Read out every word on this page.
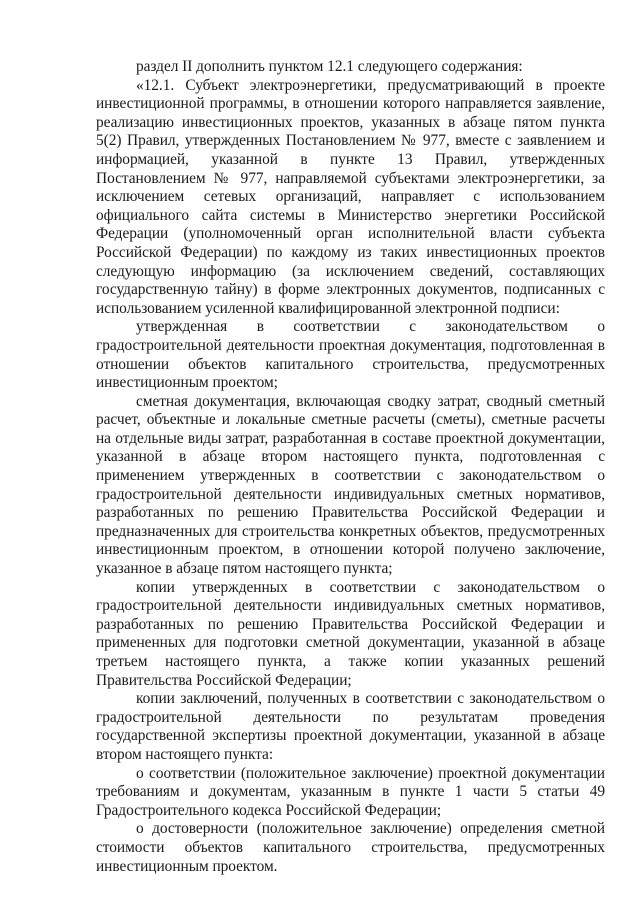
раздел II дополнить пунктом 12.1 следующего содержания:

«12.1. Субъект электроэнергетики, предусматривающий в проекте инвестиционной программы, в отношении которого направляется заявление, реализацию инвестиционных проектов, указанных в абзаце пятом пункта 5(2) Правил, утвержденных Постановлением № 977, вместе с заявлением и информацией, указанной в пункте 13 Правил, утвержденных Постановлением № 977, направляемой субъектами электроэнергетики, за исключением сетевых организаций, направляет с использованием официального сайта системы в Министерство энергетики Российской Федерации (уполномоченный орган исполнительной власти субъекта Российской Федерации) по каждому из таких инвестиционных проектов следующую информацию (за исключением сведений, составляющих государственную тайну) в форме электронных документов, подписанных с использованием усиленной квалифицированной электронной подписи:

утвержденная в соответствии с законодательством о градостроительной деятельности проектная документация, подготовленная в отношении объектов капитального строительства, предусмотренных инвестиционным проектом;

сметная документация, включающая сводку затрат, сводный сметный расчет, объектные и локальные сметные расчеты (сметы), сметные расчеты на отдельные виды затрат, разработанная в составе проектной документации, указанной в абзаце втором настоящего пункта, подготовленная с применением утвержденных в соответствии с законодательством о градостроительной деятельности индивидуальных сметных нормативов, разработанных по решению Правительства Российской Федерации и предназначенных для строительства конкретных объектов, предусмотренных инвестиционным проектом, в отношении которой получено заключение, указанное в абзаце пятом настоящего пункта;

копии утвержденных в соответствии с законодательством о градостроительной деятельности индивидуальных сметных нормативов, разработанных по решению Правительства Российской Федерации и примененных для подготовки сметной документации, указанной в абзаце третьем настоящего пункта, а также копии указанных решений Правительства Российской Федерации;

копии заключений, полученных в соответствии с законодательством о градостроительной деятельности по результатам проведения государственной экспертизы проектной документации, указанной в абзаце втором настоящего пункта:

о соответствии (положительное заключение) проектной документации требованиям и документам, указанным в пункте 1 части 5 статьи 49 Градостроительного кодекса Российской Федерации;

о достоверности (положительное заключение) определения сметной стоимости объектов капитального строительства, предусмотренных инвестиционным проектом.
